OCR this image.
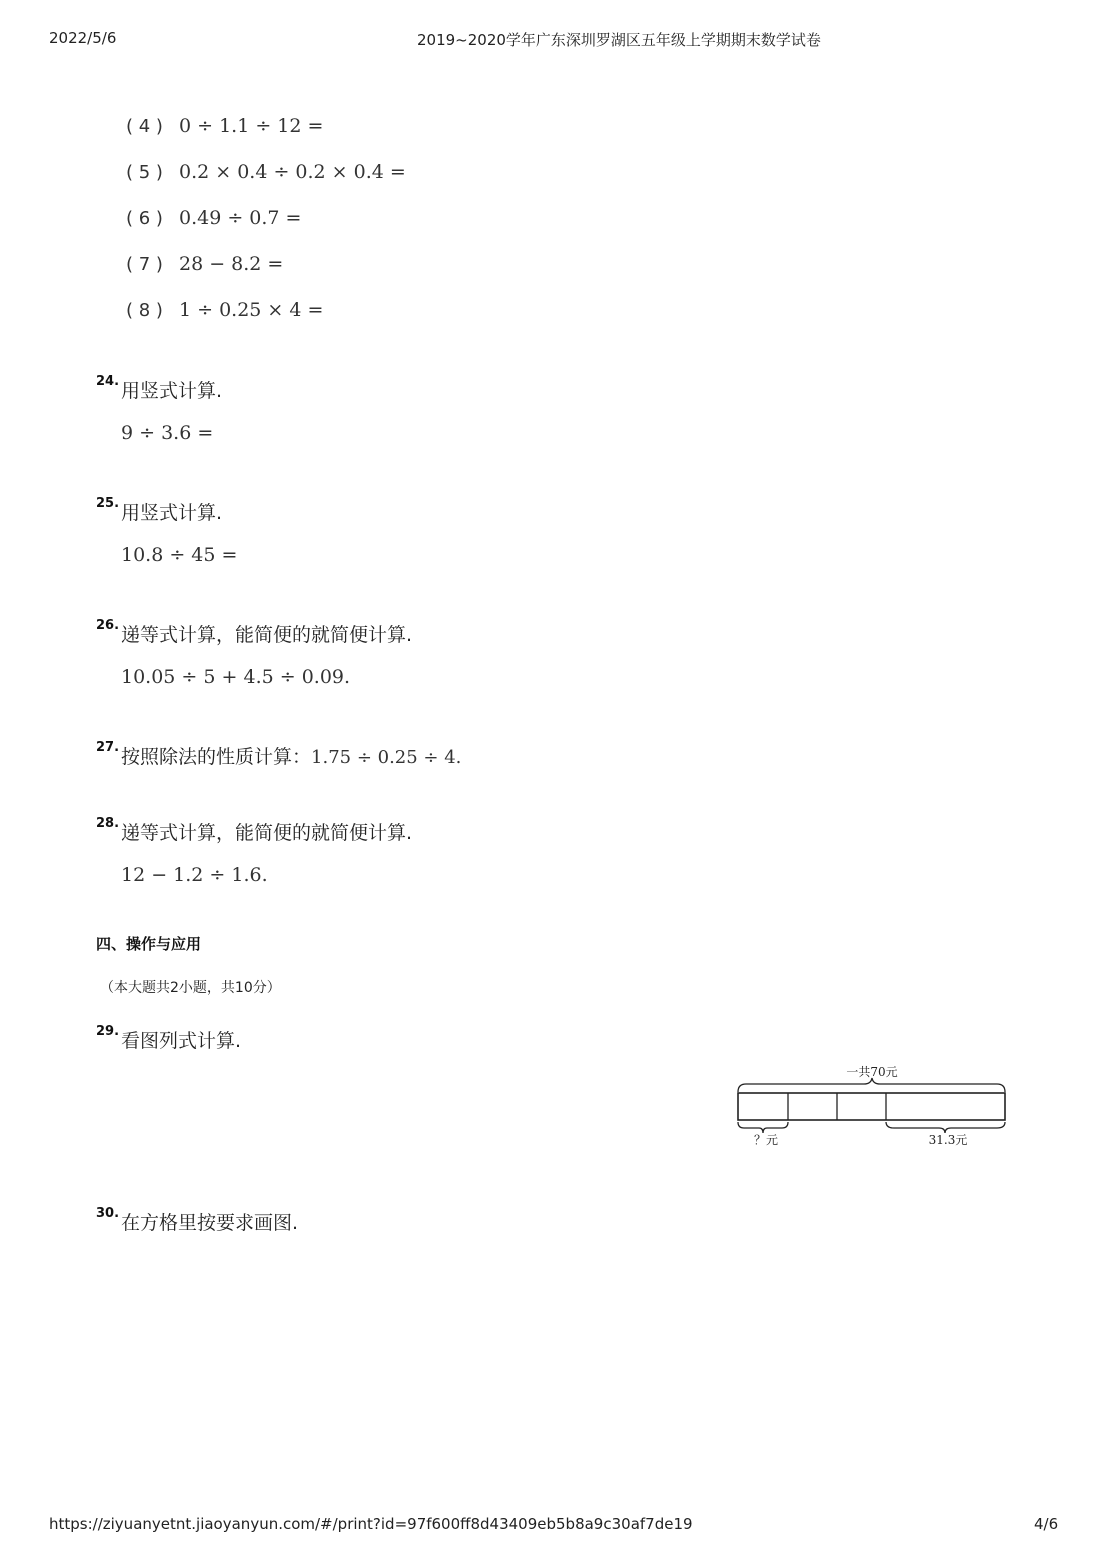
2022/5/6	2019~2020学年广东深圳罗湖区五年级上学期期末数学试卷
( 4 ) 0 ÷ 1.1 ÷ 12 =
( 5 ) 0.2 × 0.4 ÷ 0.2 × 0.4 =
( 6 ) 0.49 ÷ 0.7 =
( 7 ) 28 − 8.2 =
( 8 ) 1 ÷ 0.25 × 4 =
24. 用竖式计算.
9 ÷ 3.6 =
25. 用竖式计算.
10.8 ÷ 45 =
26. 递等式计算，能简便的就简便计算.
10.05 ÷ 5 + 4.5 ÷ 0.09.
27. 按照除法的性质计算：1.75 ÷ 0.25 ÷ 4.
28. 递等式计算，能简便的就简便计算.
12 − 1.2 ÷ 1.6.
四、操作与应用
（本大题共2小题，共10分）
29. 看图列式计算.
一共70元
？元	31.3元
30. 在方格里按要求画图.
https://ziyuanyetnt.jiaoyanyun.com/#/print?id=97f600ff8d43409eb5b8a9c30af7de19	4/6
